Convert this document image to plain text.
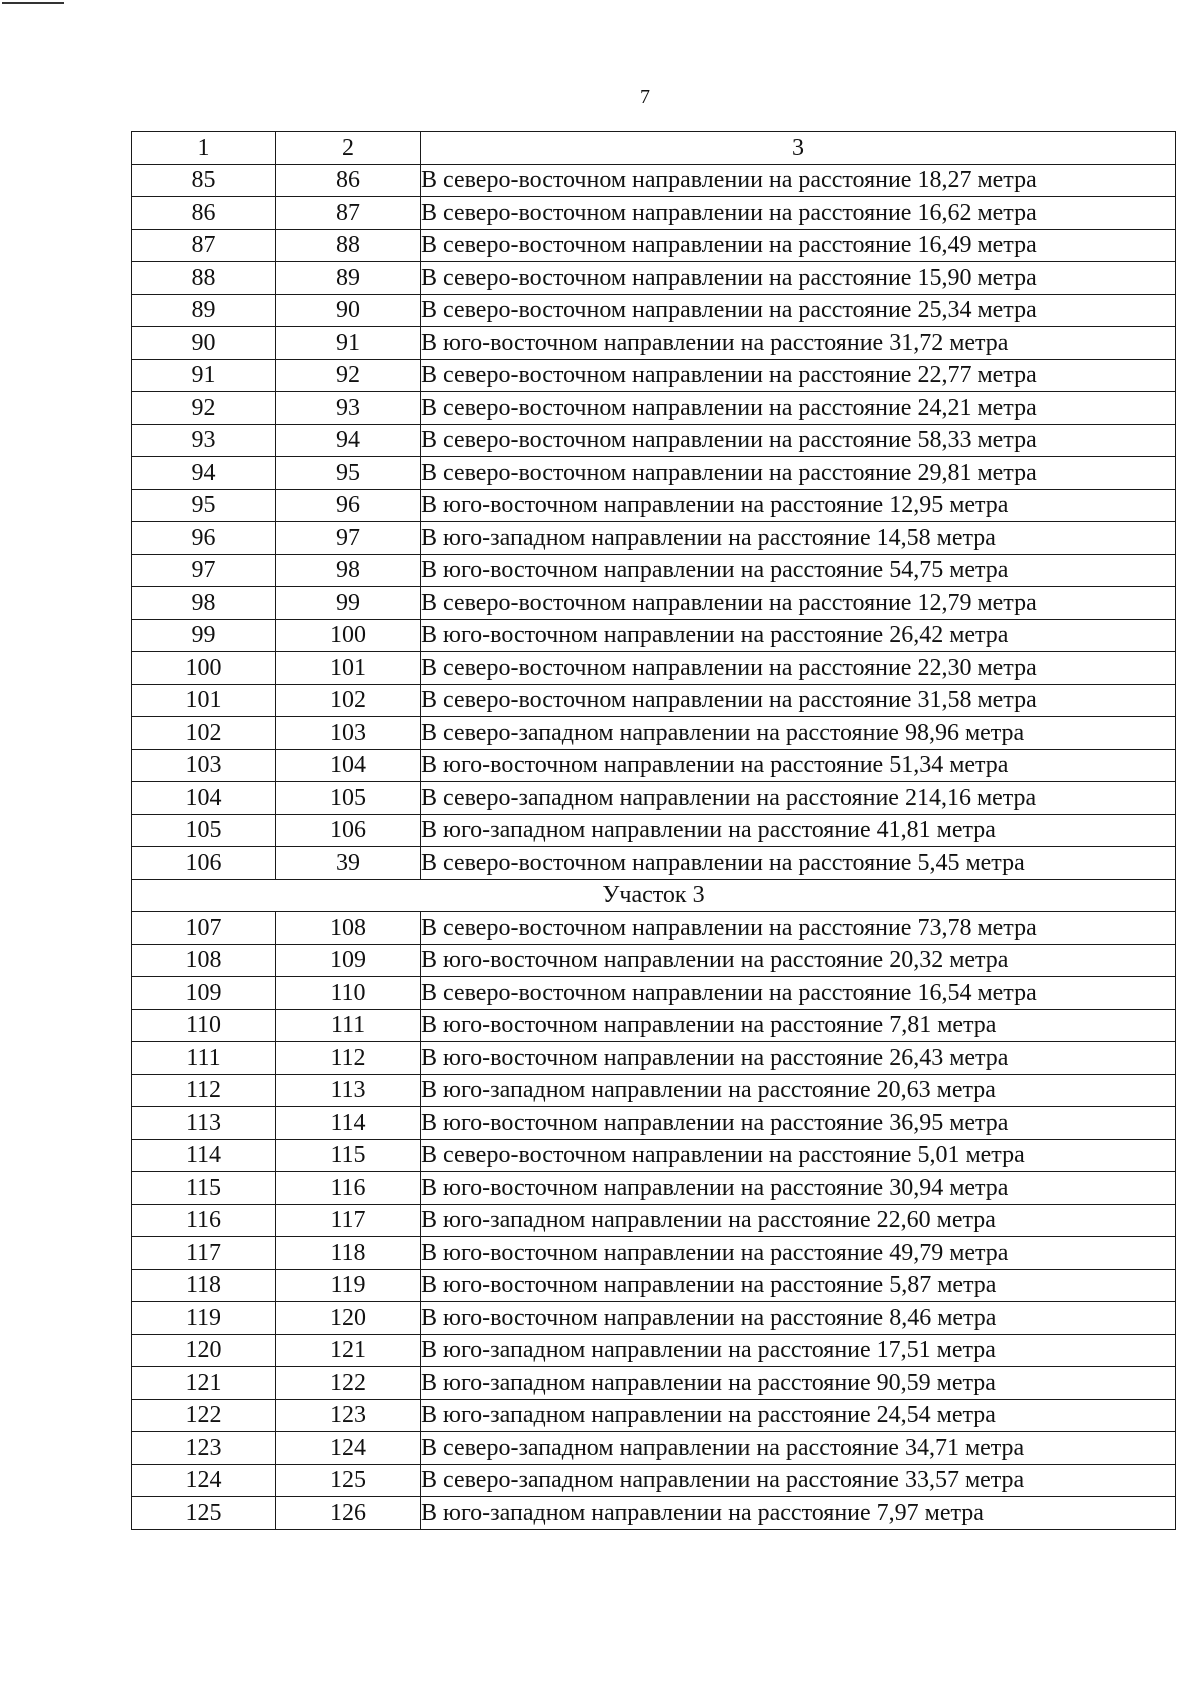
7
1	2	3
85	86	В северо-восточном направлении на расстояние 18,27 метра
86	87	В северо-восточном направлении на расстояние 16,62 метра
87	88	В северо-восточном направлении на расстояние 16,49 метра
88	89	В северо-восточном направлении на расстояние 15,90 метра
89	90	В северо-восточном направлении на расстояние 25,34 метра
90	91	В юго-восточном направлении на расстояние 31,72 метра
91	92	В северо-восточном направлении на расстояние 22,77 метра
92	93	В северо-восточном направлении на расстояние 24,21 метра
93	94	В северо-восточном направлении на расстояние 58,33 метра
94	95	В северо-восточном направлении на расстояние 29,81 метра
95	96	В юго-восточном направлении на расстояние 12,95 метра
96	97	В юго-западном направлении на расстояние 14,58 метра
97	98	В юго-восточном направлении на расстояние 54,75 метра
98	99	В северо-восточном направлении на расстояние 12,79 метра
99	100	В юго-восточном направлении на расстояние 26,42 метра
100	101	В северо-восточном направлении на расстояние 22,30 метра
101	102	В северо-восточном направлении на расстояние 31,58 метра
102	103	В северо-западном направлении на расстояние 98,96 метра
103	104	В юго-восточном направлении на расстояние 51,34 метра
104	105	В северо-западном направлении на расстояние 214,16 метра
105	106	В юго-западном направлении на расстояние 41,81 метра
106	39	В северо-восточном направлении на расстояние 5,45 метра
Участок 3		
107	108	В северо-восточном направлении на расстояние 73,78 метра
108	109	В юго-восточном направлении на расстояние 20,32 метра
109	110	В северо-восточном направлении на расстояние 16,54 метра
110	111	В юго-восточном направлении на расстояние 7,81 метра
111	112	В юго-восточном направлении на расстояние 26,43 метра
112	113	В юго-западном направлении на расстояние 20,63 метра
113	114	В юго-восточном направлении на расстояние 36,95 метра
114	115	В северо-восточном направлении на расстояние 5,01 метра
115	116	В юго-восточном направлении на расстояние 30,94 метра
116	117	В юго-западном направлении на расстояние 22,60 метра
117	118	В юго-восточном направлении на расстояние 49,79 метра
118	119	В юго-восточном направлении на расстояние 5,87 метра
119	120	В юго-восточном направлении на расстояние 8,46 метра
120	121	В юго-западном направлении на расстояние 17,51 метра
121	122	В юго-западном направлении на расстояние 90,59 метра
122	123	В юго-западном направлении на расстояние 24,54 метра
123	124	В северо-западном направлении на расстояние 34,71 метра
124	125	В северо-западном направлении на расстояние 33,57 метра
125	126	В юго-западном направлении на расстояние 7,97 метра
